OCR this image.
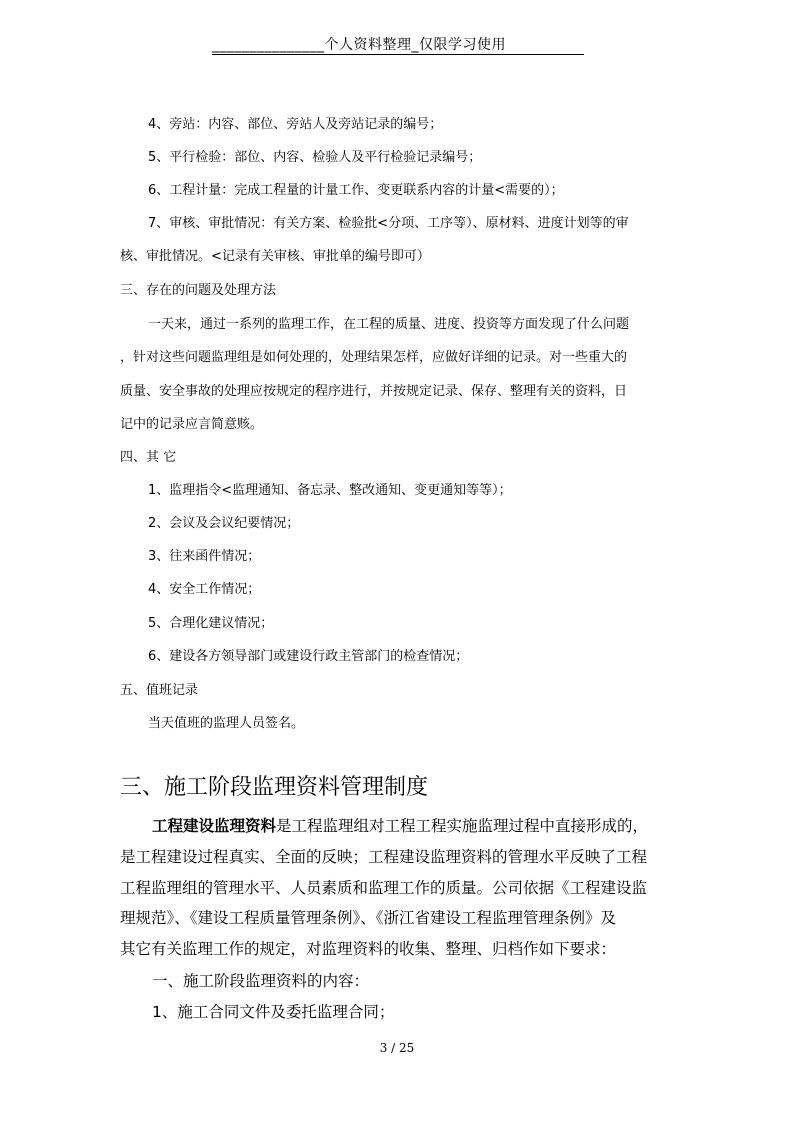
_______________个人资料整理_仅限学习使用
4、旁站：内容、部位、旁站人及旁站记录的编号；
5、平行检验：部位、内容、检验人及平行检验记录编号；
6、工程计量：完成工程量的计量工作、变更联系内容的计量<需要的）；
7、审核、审批情况：有关方案、检验批<分项、工序等）、原材料、进度计划等的审
核、审批情况。<记录有关审核、审批单的编号即可）
三、存在的问题及处理方法
一天来，通过一系列的监理工作，在工程的质量、进度、投资等方面发现了什么问题
，针对这些问题监理组是如何处理的，处理结果怎样，应做好详细的记录。对一些重大的
质量、安全事故的处理应按规定的程序进行，并按规定记录、保存、整理有关的资料，日
记中的记录应言简意赅。
四、其 它
1、监理指令<监理通知、备忘录、整改通知、变更通知等等）；
2、会议及会议纪要情况；
3、往来函件情况；
4、安全工作情况；
5、合理化建议情况；
6、建设各方领导部门或建设行政主管部门的检查情况；
五、值班记录
当天值班的监理人员签名。
三、施工阶段监理资料管理制度
工程建设监理资料是工程监理组对工程工程实施监理过程中直接形成的，
是工程建设过程真实、全面的反映；工程建设监理资料的管理水平反映了工程
工程监理组的管理水平、人员素质和监理工作的质量。公司依据《工程建设监
理规范》、《建设工程质量管理条例》、《浙江省建设工程监理管理条例》及
其它有关监理工作的规定，对监理资料的收集、整理、归档作如下要求：
一、施工阶段监理资料的内容：
1、施工合同文件及委托监理合同；
3 / 25
